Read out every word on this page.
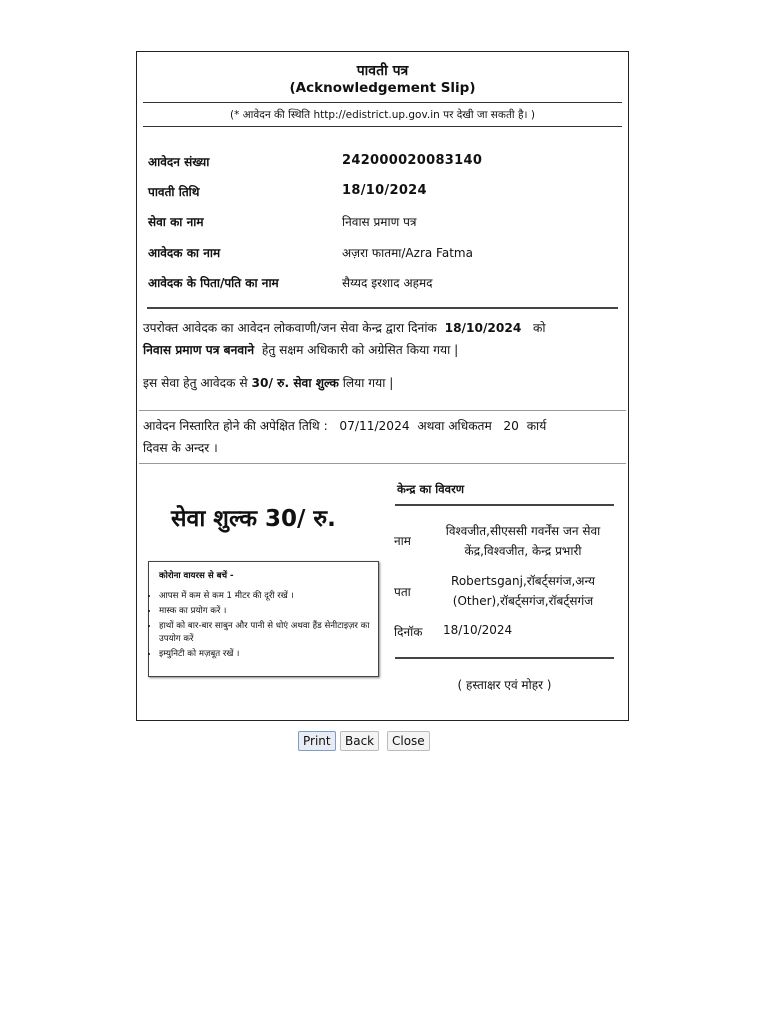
पावती पत्र
(Acknowledgement Slip)
(* आवेदन की स्थिति http://edistrict.up.gov.in पर देखी जा सकती है। )
आवेदन संख्या	242000020083140
पावती तिथि	18/10/2024
सेवा का नाम	निवास प्रमाण पत्र
आवेदक का नाम	अज़रा फातमा/Azra Fatma
आवेदक के पिता/पति का नाम	सैय्यद इरशाद अहमद
उपरोक्त आवेदक का आवेदन लोकवाणी/जन सेवा केन्द्र द्वारा दिनांक 18/10/2024 को
निवास प्रमाण पत्र बनवाने हेतु सक्षम अधिकारी को अग्रेसित किया गया |
इस सेवा हेतु आवेदक से 30/ रु. सेवा शुल्क लिया गया |
आवेदन निस्तारित होने की अपेक्षित तिथि : 07/11/2024 अथवा अधिकतम 20 कार्य
दिवस के अन्दर ।
सेवा शुल्क 30/ रु.
कोरोना वायरस से बचें -
• आपस में कम से कम 1 मीटर की दूरी रखें ।
• मास्क का प्रयोग करें ।
• हाथों को बार-बार साबुन और पानी से धोएं अथवा हैंड सेनीटाइज़र का उपयोग करें
• इम्युनिटी को मज़बूत रखें ।
केन्द्र का विवरण
नाम
विश्वजीत,सीएससी गवर्नेंस जन सेवा केंद्र,विश्वजीत, केन्द्र प्रभारी
पता
Robertsganj,रॉबर्ट्सगंज,अन्य (Other),रॉबर्ट्सगंज,रॉबर्ट्सगंज
दिनॉक 18/10/2024
( हस्ताक्षर एवं मोहर )
Print	Back	Close
